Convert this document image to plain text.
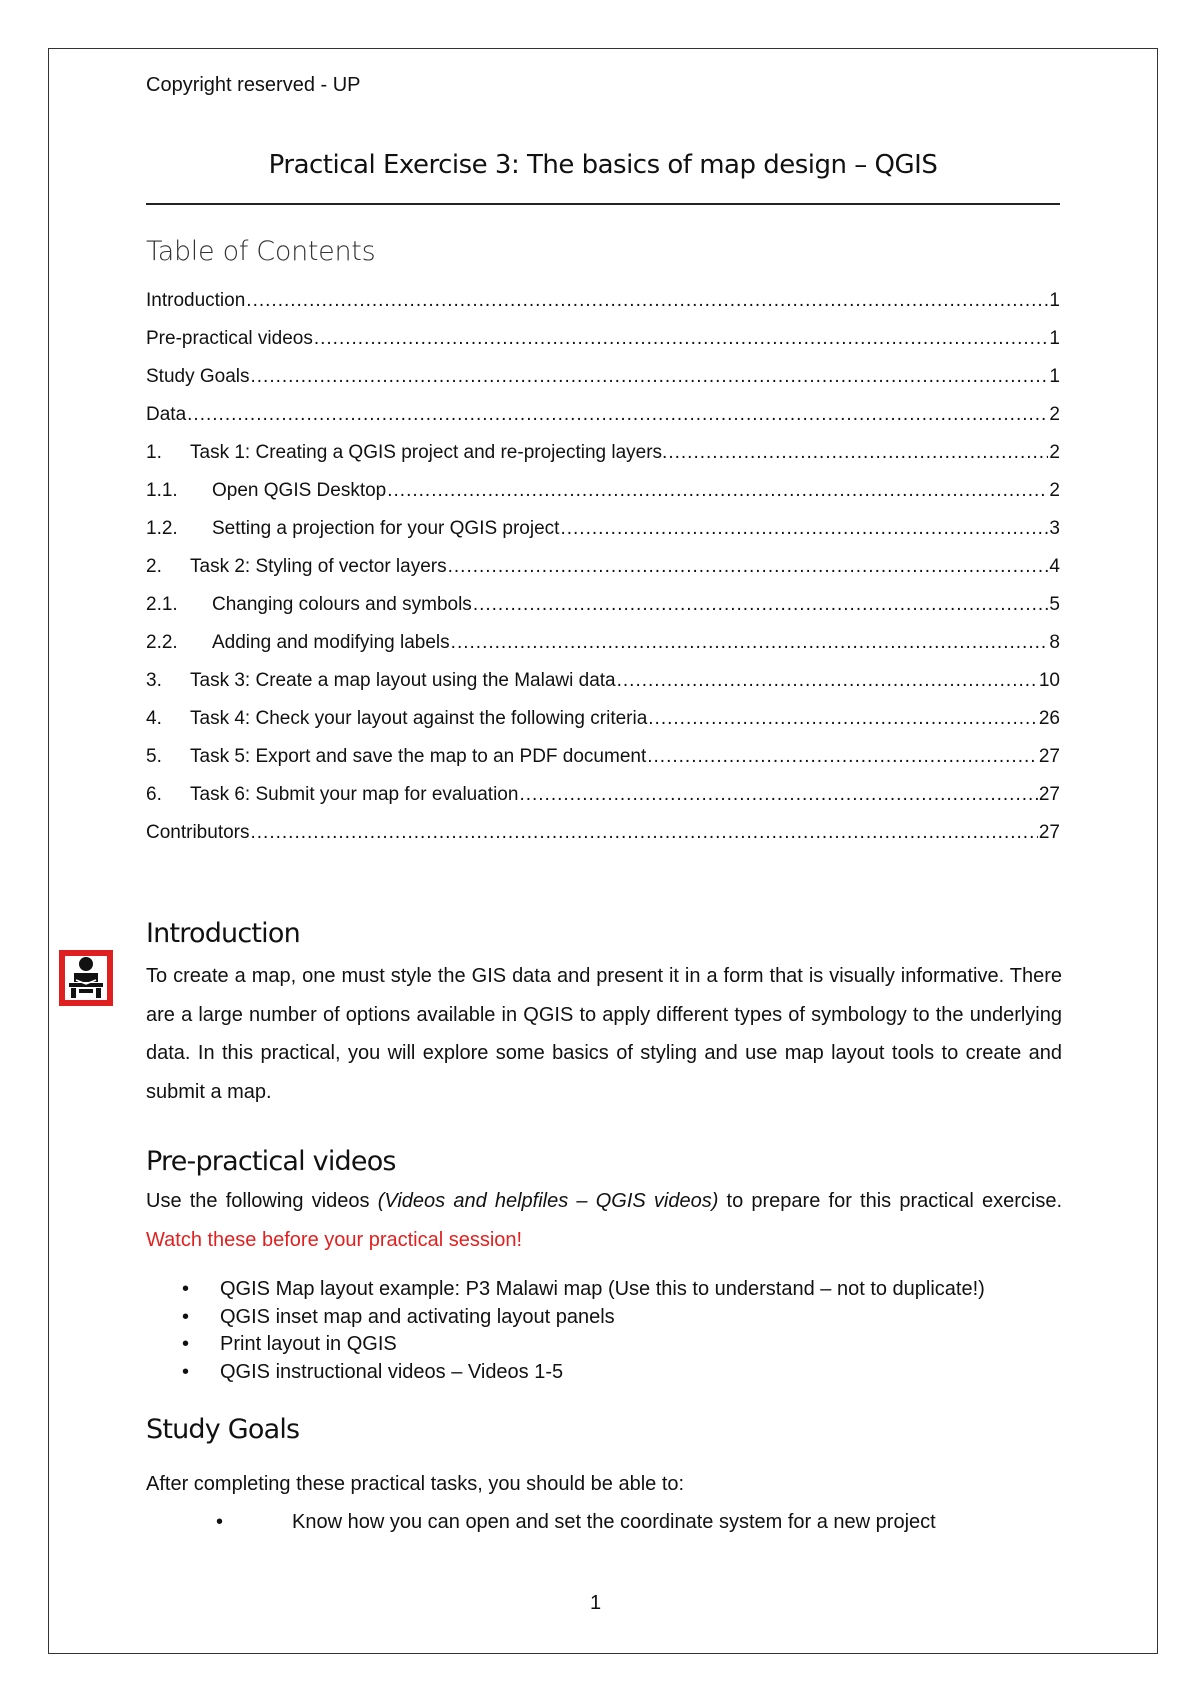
Copyright reserved - UP
Practical Exercise 3: The basics of map design – QGIS
Table of Contents
Introduction .....	1
Pre-practical videos .....	1
Study Goals .....	1
Data .....	2
1.	Task 1: Creating a QGIS project and re-projecting layers. .....	2
1.1.	Open QGIS Desktop .....	2
1.2.	Setting a projection for your QGIS project .....	3
2.	Task 2: Styling of vector layers .....	4
2.1.	Changing colours and symbols .....	5
2.2.	Adding and modifying labels .....	8
3.	Task 3: Create a map layout using the Malawi data .....	10
4.	Task 4: Check your layout against the following criteria .....	26
5.	Task 5: Export and save the map to an PDF document .....	27
6.	Task 6: Submit your map for evaluation .....	27
Contributors .....	27
Introduction
To create a map, one must style the GIS data and present it in a form that is visually informative. There are a large number of options available in QGIS to apply different types of symbology to the underlying data. In this practical, you will explore some basics of styling and use map layout tools to create and submit a map.
Pre-practical videos
Use the following videos (Videos and helpfiles – QGIS videos) to prepare for this practical exercise. Watch these before your practical session!
• QGIS Map layout example: P3 Malawi map (Use this to understand – not to duplicate!)
• QGIS inset map and activating layout panels
• Print layout in QGIS
• QGIS instructional videos – Videos 1-5
Study Goals
After completing these practical tasks, you should be able to:
•	Know how you can open and set the coordinate system for a new project
1
